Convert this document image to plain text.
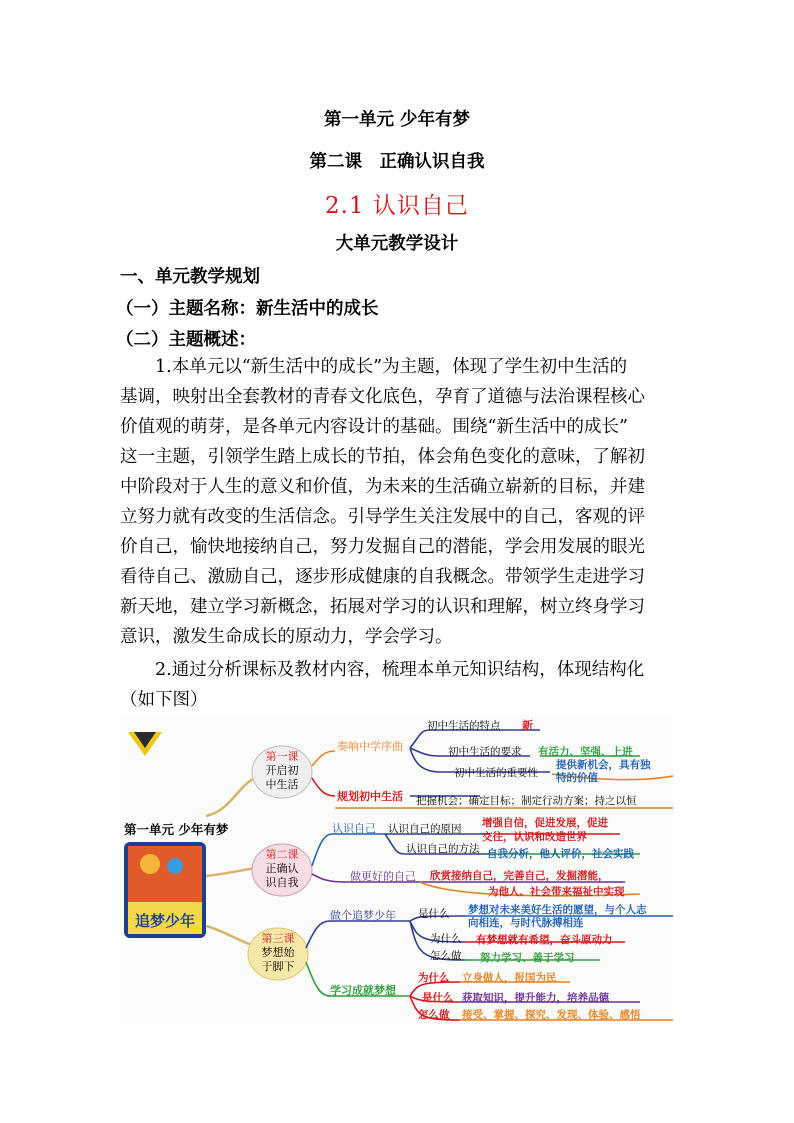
第一单元 少年有梦
第二课　正确认识自我
2.1 认识自己
大单元教学设计
一、单元教学规划
（一）主题名称：新生活中的成长
（二）主题概述：
1.本单元以“新生活中的成长”为主题，体现了学生初中生活的
基调，映射出全套教材的青春文化底色，孕育了道德与法治课程核心
价值观的萌芽，是各单元内容设计的基础。围绕“新生活中的成长”
这一主题，引领学生踏上成长的节拍，体会角色变化的意味，了解初
中阶段对于人生的意义和价值，为未来的生活确立崭新的目标，并建
立努力就有改变的生活信念。引导学生关注发展中的自己，客观的评
价自己，愉快地接纳自己，努力发掘自己的潜能，学会用发展的眼光
看待自己、激励自己，逐步形成健康的自我概念。带领学生走进学习
新天地，建立学习新概念，拓展对学习的认识和理解，树立终身学习
意识，激发生命成长的原动力，学会学习。
2.通过分析课标及教材内容，梳理本单元知识结构，体现结构化
（如下图）
第一单元 少年有梦
追梦少年
第一课
开启初
中生活
第二课
正确认
识自我
第三课
梦想始
于脚下
奏响中学序曲
初中生活的特点 新
初中生活的要求 有活力、坚强、上进
初中生活的重要性
提供新机会，具有独
特的价值
规划初中生活 把握机会；确定目标；制定行动方案；持之以恒
认识自己 认识自己的原因 增强自信，促进发展，促进
交往，认识和改造世界
认识自己的方法 自我分析，他人评价，社会实践
做更好的自己 欣赏接纳自己，完善自己，发掘潜能，
为他人、社会带来福祉中实现
做个追梦少年 是什么 梦想对未来美好生活的愿望，与个人志
向相连，与时代脉搏相连
为什么 有梦想就有希望，奋斗原动力
怎么做 努力学习、善于学习
学习成就梦想
为什么 立身做人，报国为民
是什么 获取知识，提升能力，培养品德
怎么做 接受、掌握、探究、发现、体验、感悟
